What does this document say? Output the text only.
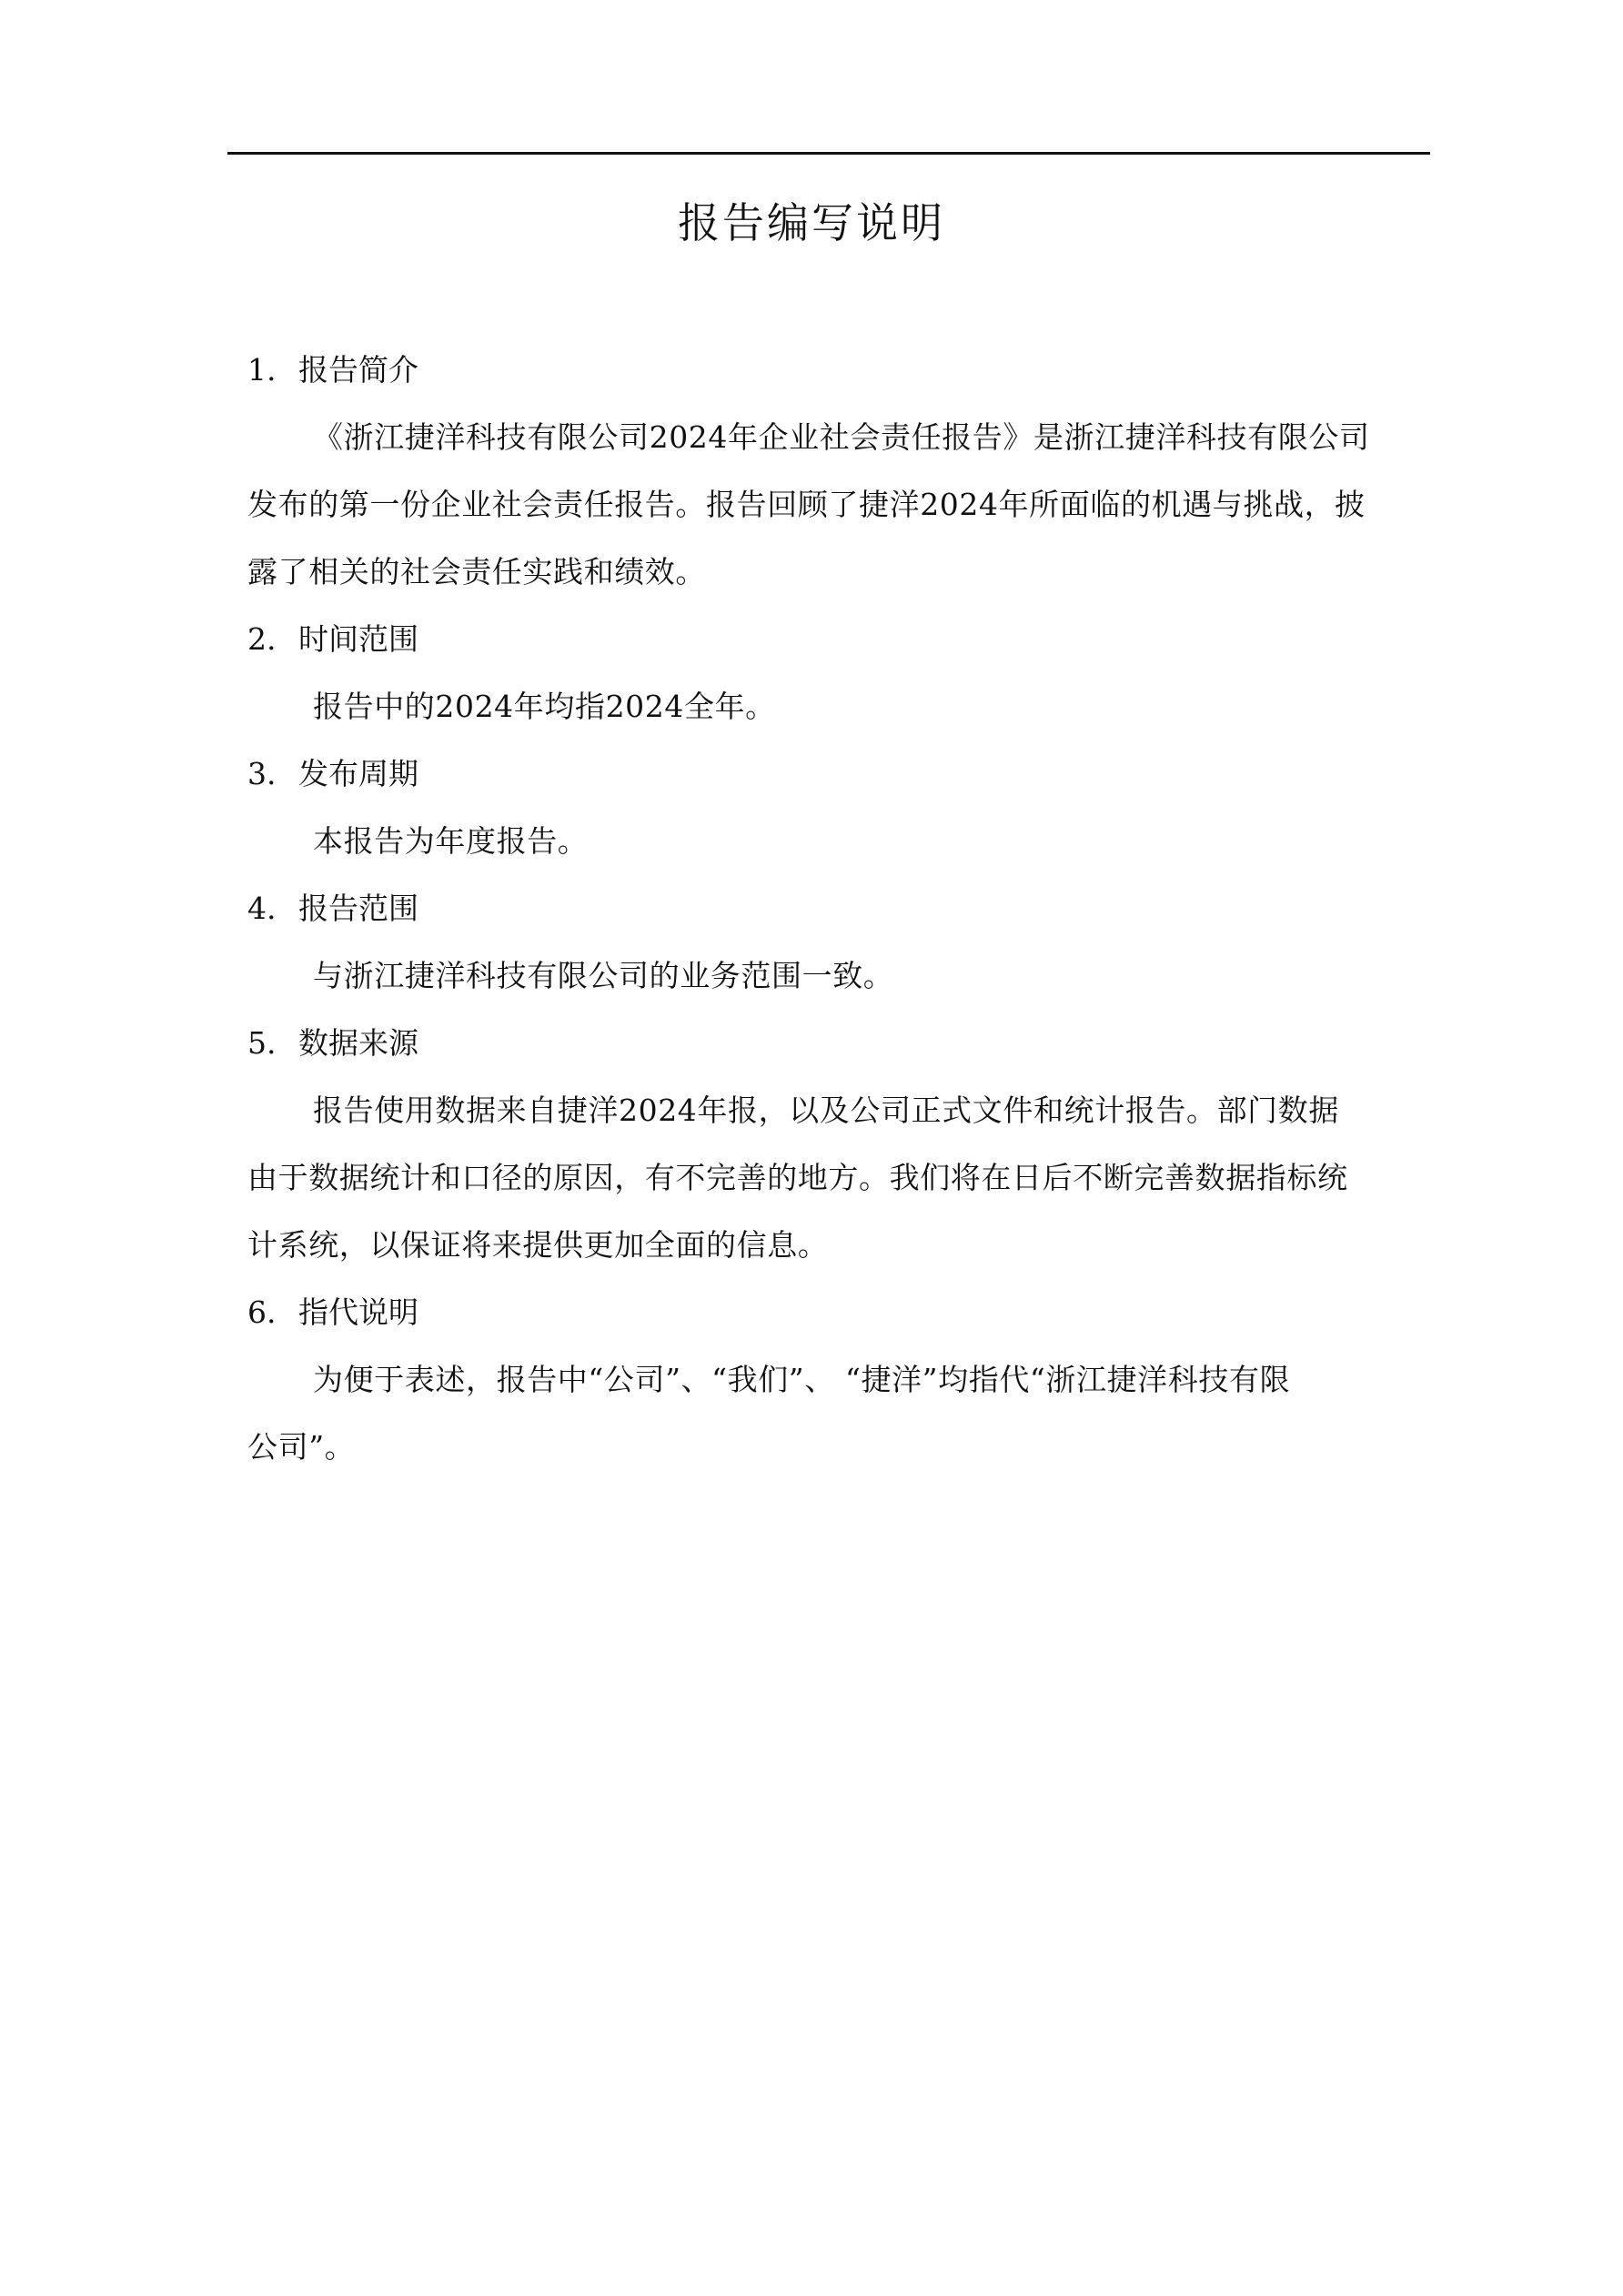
报告编写说明

1. 报告简介

《浙江捷洋科技有限公司2024年企业社会责任报告》是浙江捷洋科技有限公司
发布的第一份企业社会责任报告。报告回顾了捷洋2024年所面临的机遇与挑战，披
露了相关的社会责任实践和绩效。

2. 时间范围

报告中的2024年均指2024全年。

3. 发布周期

本报告为年度报告。

4. 报告范围

与浙江捷洋科技有限公司的业务范围一致。

5. 数据来源

报告使用数据来自捷洋2024年报，以及公司正式文件和统计报告。部门数据
由于数据统计和口径的原因，有不完善的地方。我们将在日后不断完善数据指标统
计系统，以保证将来提供更加全面的信息。

6. 指代说明

为便于表述，报告中“公司”、“我们”、 “捷洋”均指代“浙江捷洋科技有限
公司”。
